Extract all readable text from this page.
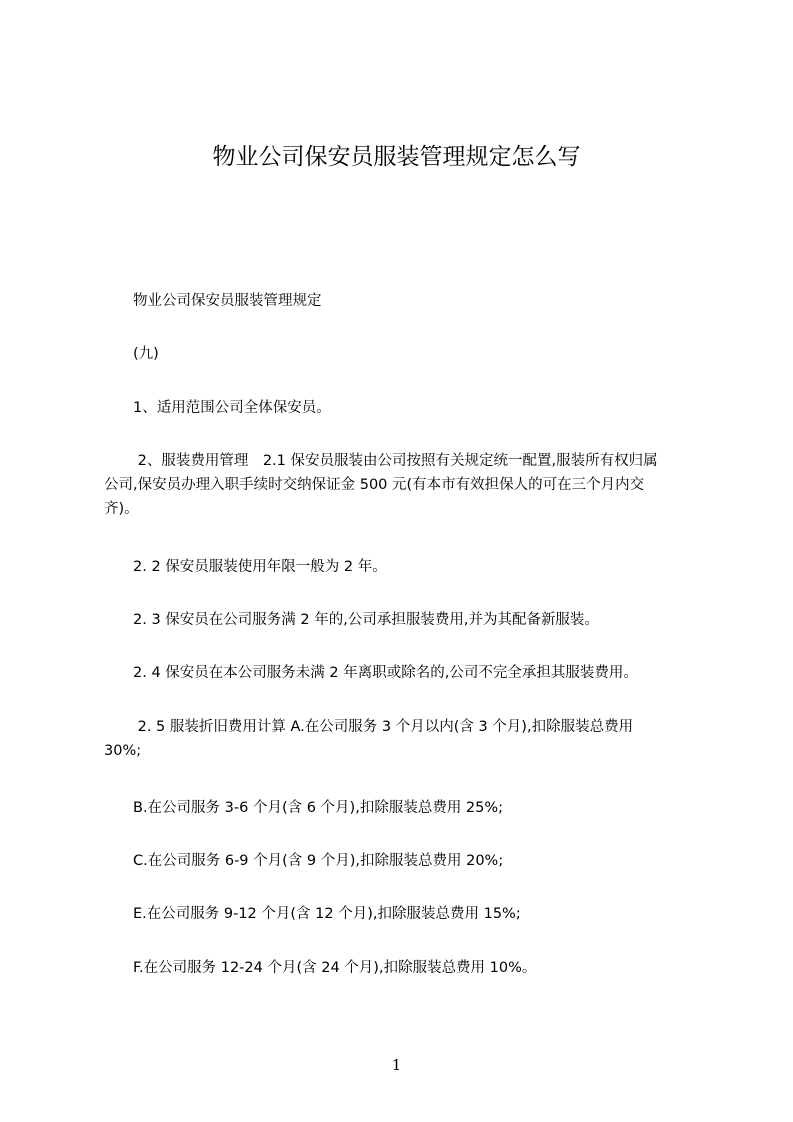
物业公司保安员服装管理规定怎么写
　　物业公司保安员服装管理规定
　　(九)
　　1、适用范围公司全体保安员。
　　 2、服装费用管理　2.1 保安员服装由公司按照有关规定统一配置,服装所有权归属
公司,保安员办理入职手续时交纳保证金 500 元(有本市有效担保人的可在三个月内交
齐)。
　　2. 2 保安员服装使用年限一般为 2 年。
　　2. 3 保安员在公司服务满 2 年的,公司承担服装费用,并为其配备新服装。
　　2. 4 保安员在本公司服务未满 2 年离职或除名的,公司不完全承担其服装费用。
　　 2. 5 服装折旧费用计算 A.在公司服务 3 个月以内(含 3 个月),扣除服装总费用
30%;
　　B.在公司服务 3-6 个月(含 6 个月),扣除服装总费用 25%;
　　C.在公司服务 6-9 个月(含 9 个月),扣除服装总费用 20%;
　　E.在公司服务 9-12 个月(含 12 个月),扣除服装总费用 15%;
　　F.在公司服务 12-24 个月(含 24 个月),扣除服装总费用 10%。
1
